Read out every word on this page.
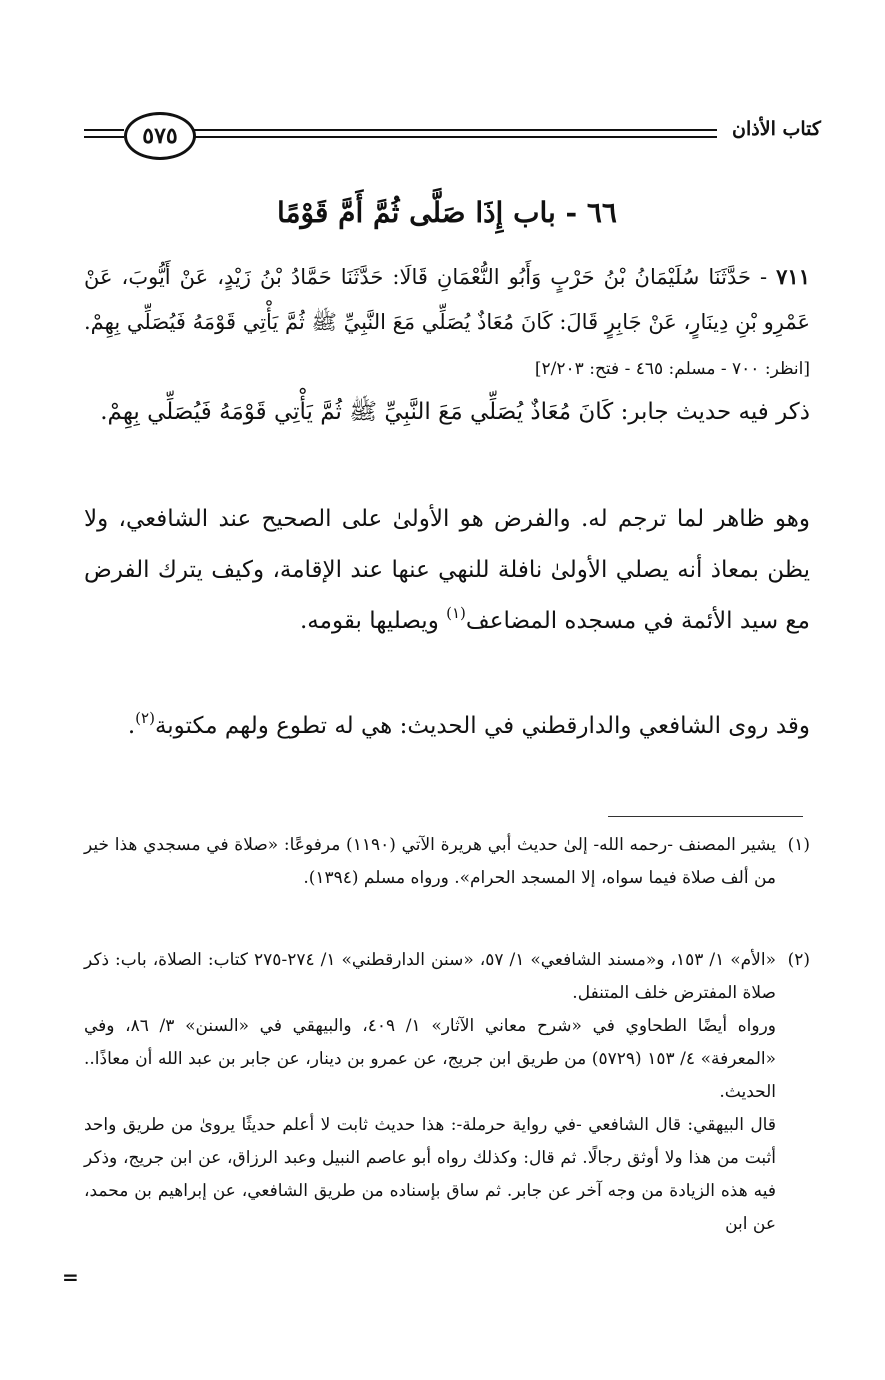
٥٧٥	كتاب الأذان
٦٦ - باب إِذَا صَلَّى ثُمَّ أَمَّ قَوْمًا
٧١١ - حَدَّثَنَا سُلَيْمَانُ بْنُ حَرْبٍ وَأَبُو النُّعْمَانِ قَالَا: حَدَّثَنَا حَمَّادُ بْنُ زَيْدٍ، عَنْ أَيُّوبَ، عَنْ عَمْرِو بْنِ دِينَارٍ، عَنْ جَابِرٍ قَالَ: كَانَ مُعَاذٌ يُصَلِّي مَعَ النَّبِيِّ ﷺ ثُمَّ يَأْتِي قَوْمَهُ فَيُصَلِّي بِهِمْ. [انظر: ٧٠٠ - مسلم: ٤٦٥ - فتح: ٢/٢٠٣]
ذكر فيه حديث جابر: كَانَ مُعَاذٌ يُصَلِّي مَعَ النَّبِيِّ ﷺ ثُمَّ يَأْتِي قَوْمَهُ فَيُصَلِّي بِهِمْ.
وهو ظاهر لما ترجم له. والفرض هو الأولىٰ على الصحيح عند الشافعي، ولا يظن بمعاذ أنه يصلي الأولىٰ نافلة للنهي عنها عند الإقامة، وكيف يترك الفرض مع سيد الأئمة في مسجده المضاعف$^{(١)}$ ويصليها بقومه.
وقد روى الشافعي والدارقطني في الحديث: هي له تطوع ولهم مكتوبة$^{(٢)}$.
(١)
يشير المصنف -رحمه الله- إلىٰ حديث أبي هريرة الآتي (١١٩٠) مرفوعًا: «صلاة في مسجدي هذا خير من ألف صلاة فيما سواه، إلا المسجد الحرام». ورواه مسلم (١٣٩٤).
(٢)

«الأم» ١/ ١٥٣، و«مسند الشافعي» ١/ ٥٧، «سنن الدارقطني» ١/ ٢٧٤-٢٧٥ كتاب: الصلاة، باب: ذكر صلاة المفترض خلف المتنفل.

ورواه أيضًا الطحاوي في «شرح معاني الآثار» ١/ ٤٠٩، والبيهقي في «السنن» ٣/ ٨٦، وفي «المعرفة» ٤/ ١٥٣ (٥٧٢٩) من طريق ابن جريج، عن عمرو بن دينار، عن جابر بن عبد الله أن معاذًا.. الحديث.

قال البيهقي: قال الشافعي -في رواية حرملة-: هذا حديث ثابت لا أعلم حديثًا يروىٰ من طريق واحد أثبت من هذا ولا أوثق رجالًا. ثم قال: وكذلك رواه أبو عاصم النبيل وعبد الرزاق، عن ابن جريج، وذكر فيه هذه الزيادة من وجه آخر عن جابر. ثم ساق بإسناده من طريق الشافعي، عن إبراهيم بن محمد، عن ابن

=
